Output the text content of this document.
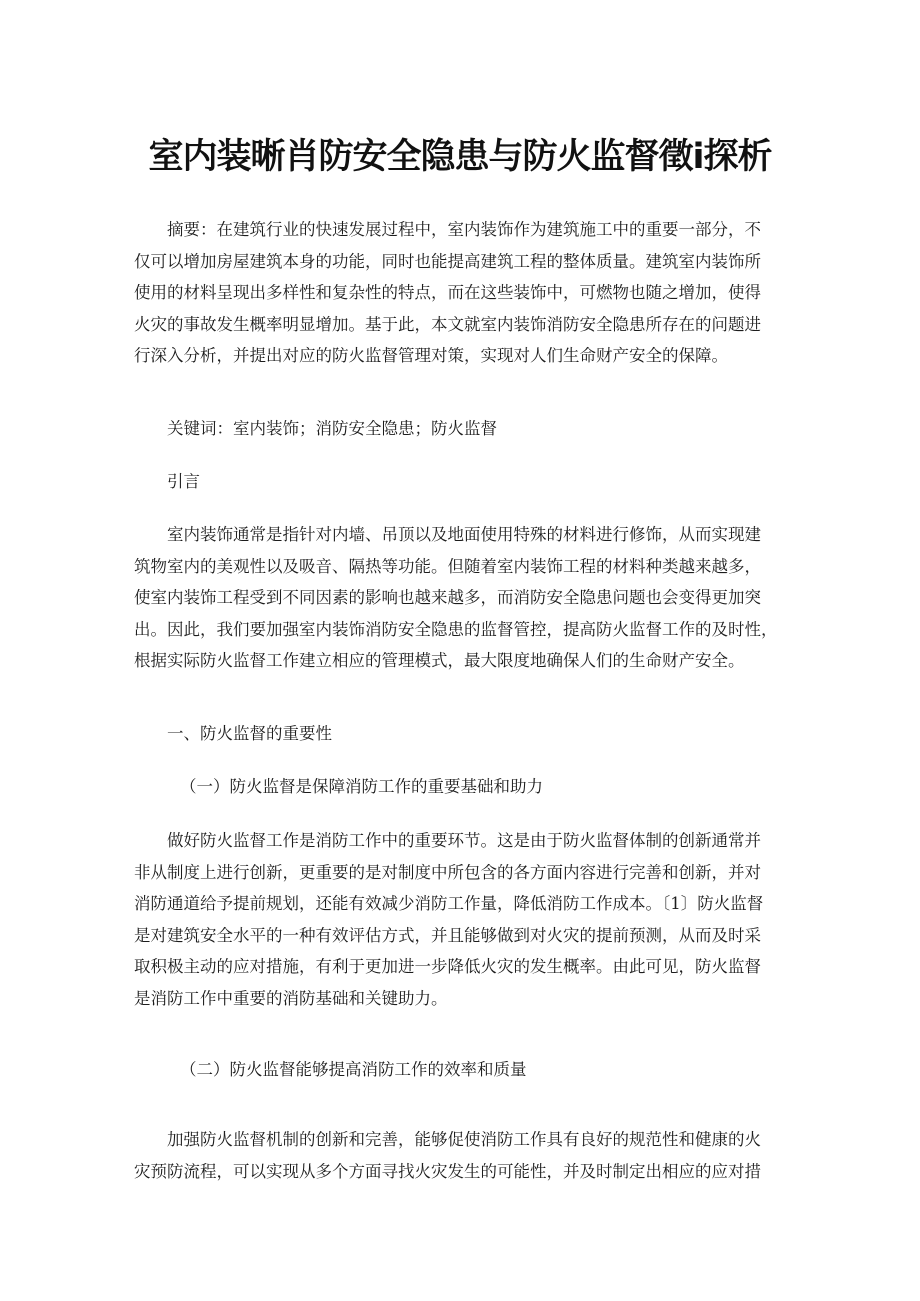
室内装晰肖防安全隐患与防火监督徵ⅰ探析
摘要：在建筑行业的快速发展过程中，室内装饰作为建筑施工中的重要一部分，不
仅可以增加房屋建筑本身的功能，同时也能提高建筑工程的整体质量。建筑室内装饰所
使用的材料呈现出多样性和复杂性的特点，而在这些装饰中，可燃物也随之增加，使得
火灾的事故发生概率明显增加。基于此，本文就室内装饰消防安全隐患所存在的问题进
行深入分析，并提出对应的防火监督管理对策，实现对人们生命财产安全的保障。
关键词：室内装饰；消防安全隐患；防火监督
引言
室内装饰通常是指针对内墙、吊顶以及地面使用特殊的材料进行修饰，从而实现建
筑物室内的美观性以及吸音、隔热等功能。但随着室内装饰工程的材料种类越来越多，
使室内装饰工程受到不同因素的影响也越来越多，而消防安全隐患问题也会变得更加突
出。因此，我们要加强室内装饰消防安全隐患的监督管控，提高防火监督工作的及时性，
根据实际防火监督工作建立相应的管理模式，最大限度地确保人们的生命财产安全。
一、防火监督的重要性
（一）防火监督是保障消防工作的重要基础和助力
做好防火监督工作是消防工作中的重要环节。这是由于防火监督体制的创新通常并
非从制度上进行创新，更重要的是对制度中所包含的各方面内容进行完善和创新，并对
消防通道给予提前规划，还能有效减少消防工作量，降低消防工作成本。〔1〕防火监督
是对建筑安全水平的一种有效评估方式，并且能够做到对火灾的提前预测，从而及时采
取积极主动的应对措施，有利于更加进一步降低火灾的发生概率。由此可见，防火监督
是消防工作中重要的消防基础和关键助力。
（二）防火监督能够提高消防工作的效率和质量
加强防火监督机制的创新和完善，能够促使消防工作具有良好的规范性和健康的火
灾预防流程，可以实现从多个方面寻找火灾发生的可能性，并及时制定出相应的应对措
